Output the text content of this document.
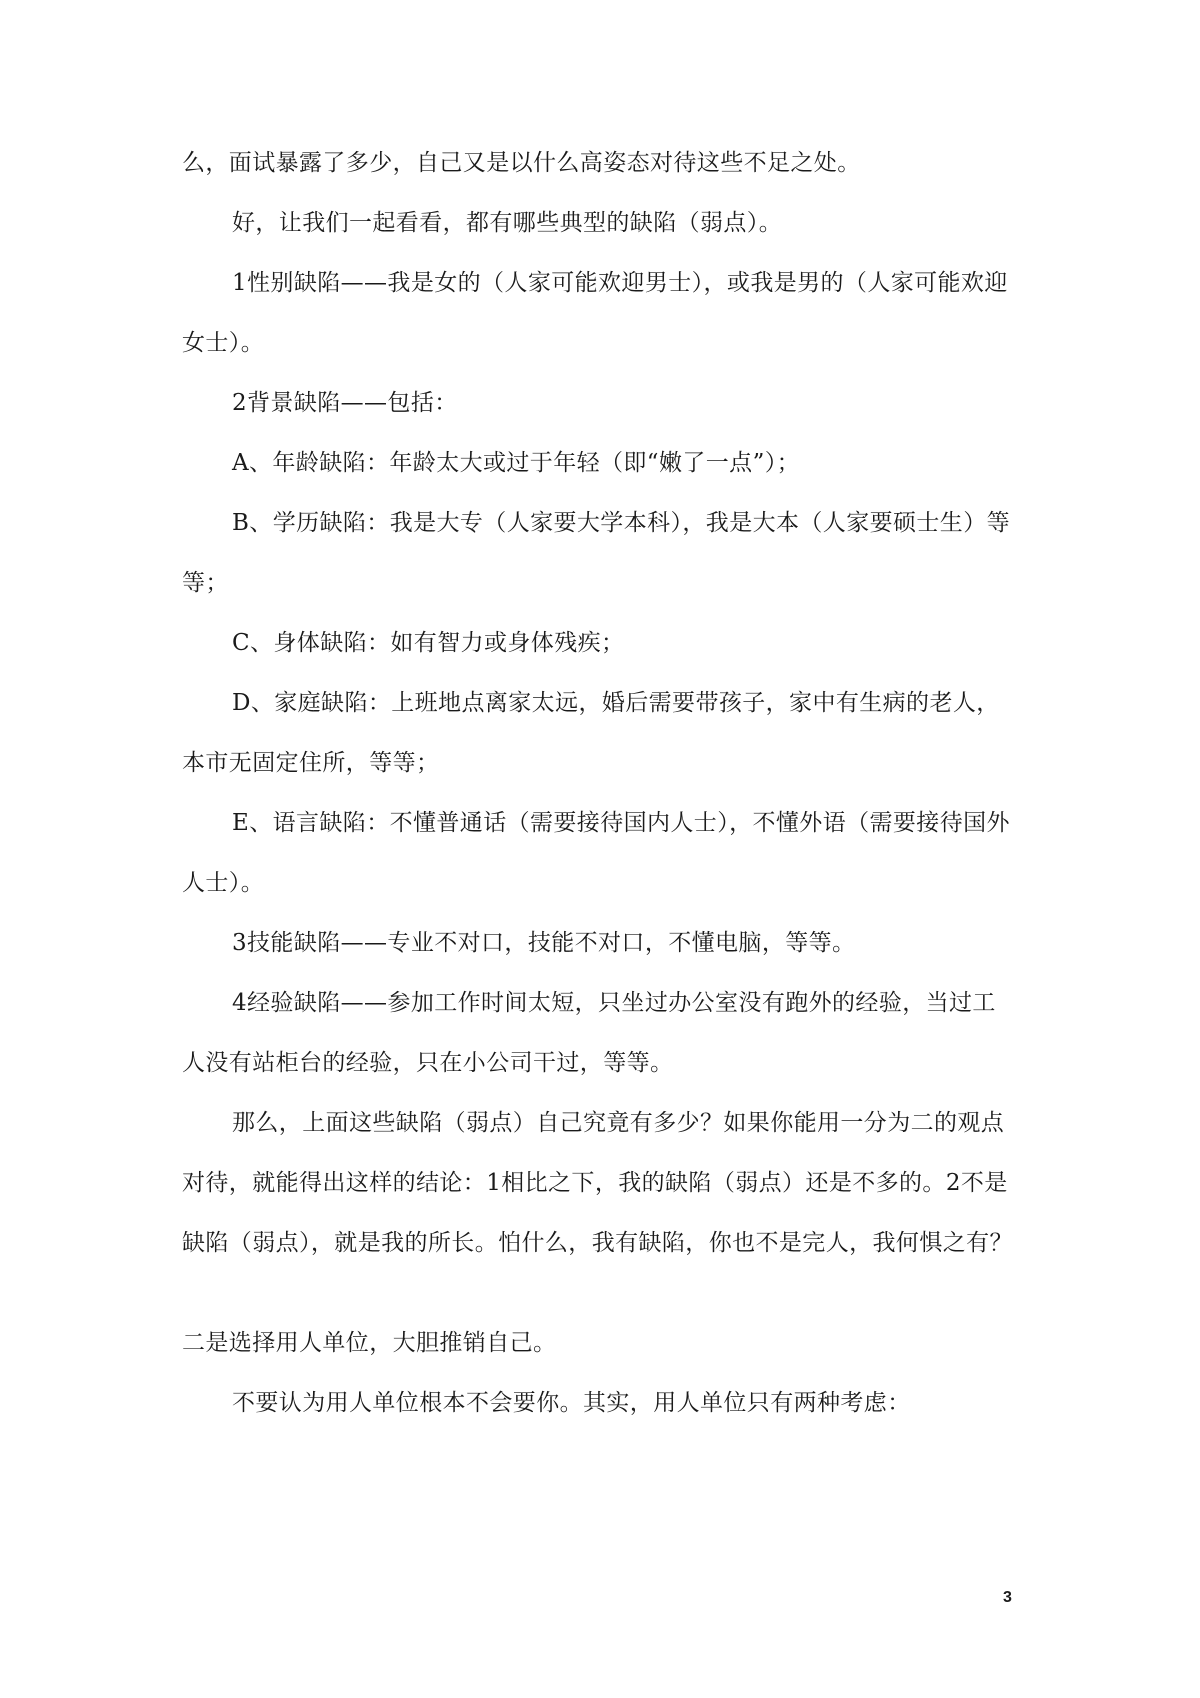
么，面试暴露了多少，自己又是以什么高姿态对待这些不足之处。

好，让我们一起看看，都有哪些典型的缺陷（弱点）。

1性别缺陷——我是女的（人家可能欢迎男士），或我是男的（人家可能欢迎

女士）。

2背景缺陷——包括：

A、年龄缺陷：年龄太大或过于年轻（即“嫩了一点”）；

B、学历缺陷：我是大专（人家要大学本科），我是大本（人家要硕士生）等

等；

C、身体缺陷：如有智力或身体残疾；

D、家庭缺陷：上班地点离家太远，婚后需要带孩子，家中有生病的老人，

本市无固定住所，等等；

E、语言缺陷：不懂普通话（需要接待国内人士），不懂外语（需要接待国外

人士）。

3技能缺陷——专业不对口，技能不对口，不懂电脑，等等。

4经验缺陷——参加工作时间太短，只坐过办公室没有跑外的经验，当过工

人没有站柜台的经验，只在小公司干过，等等。

那么，上面这些缺陷（弱点）自己究竟有多少？如果你能用一分为二的观点

对待，就能得出这样的结论：1相比之下，我的缺陷（弱点）还是不多的。2不是

缺陷（弱点），就是我的所长。怕什么，我有缺陷，你也不是完人，我何惧之有？

二是选择用人单位，大胆推销自己。

不要认为用人单位根本不会要你。其实，用人单位只有两种考虑：

3
